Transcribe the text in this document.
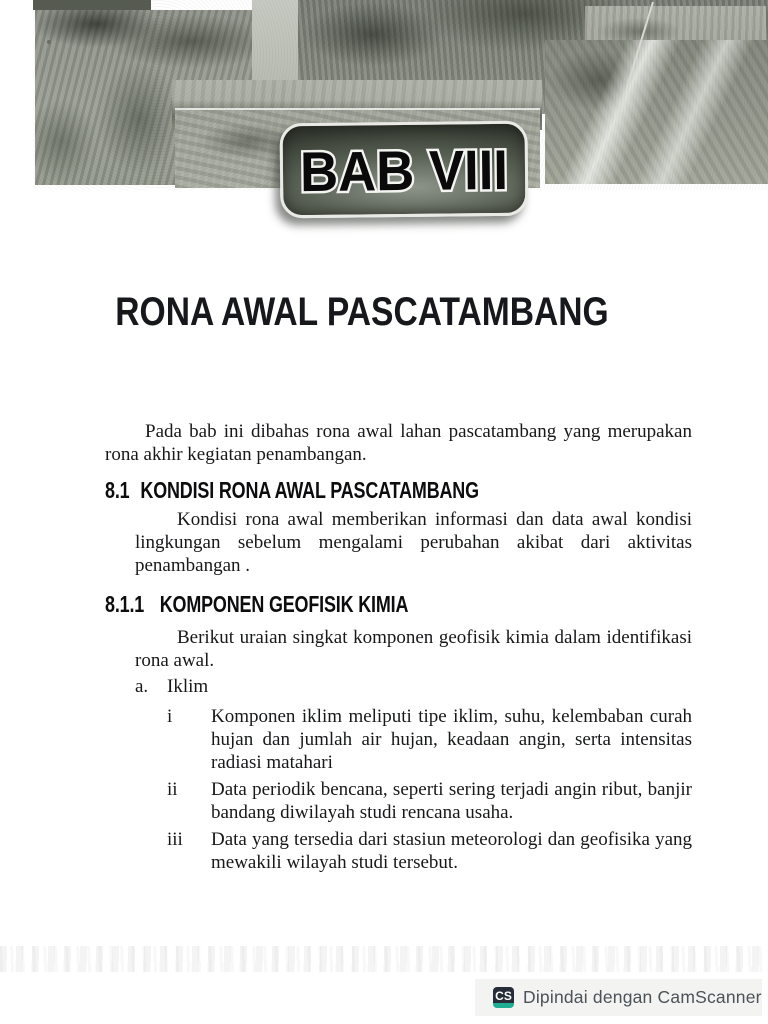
BAB VIII
RONA AWAL PASCATAMBANG

Pada bab ini dibahas rona awal lahan pascatambang yang merupakan rona akhir kegiatan penambangan.

8.1 KONDISI RONA AWAL PASCATAMBANG

Kondisi rona awal memberikan informasi dan data awal kondisi lingkungan sebelum mengalami perubahan akibat dari aktivitas penambangan .

8.1.1 KOMPONEN GEOFISIK KIMIA

Berikut uraian singkat komponen geofisik kimia dalam identifikasi rona awal.

a. Iklim
i	Komponen iklim meliputi tipe iklim, suhu, kelembaban curah hujan dan jumlah air hujan, keadaan angin, serta intensitas radiasi matahari

ii	Data periodik bencana, seperti sering terjadi angin ribut, banjir bandang diwilayah studi rencana usaha.

iii	Data yang tersedia dari stasiun meteorologi dan geofisika yang mewakili wilayah studi tersebut.

CS Dipindai dengan CamScanner
